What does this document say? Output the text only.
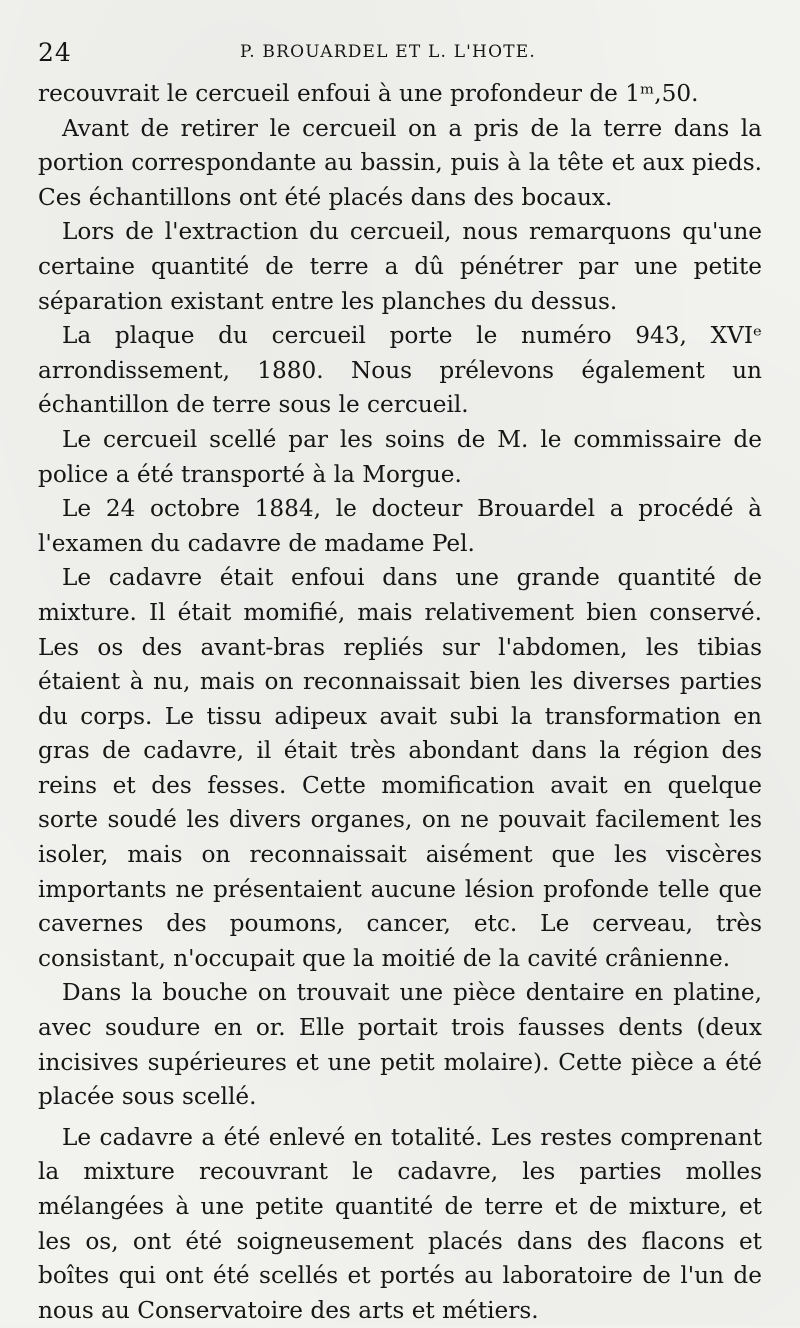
24	P. BROUARDEL ET L. L'HOTE.

recouvrait le cercueil enfoui à une profondeur de 1ᵐ,50.

Avant de retirer le cercueil on a pris de la terre dans la portion correspondante au bassin, puis à la tête et aux pieds. Ces échantillons ont été placés dans des bocaux.

Lors de l'extraction du cercueil, nous remarquons qu'une certaine quantité de terre a dû pénétrer par une petite séparation existant entre les planches du dessus.

La plaque du cercueil porte le numéro 943, XVIᵉ arrondissement, 1880. Nous prélevons également un échantillon de terre sous le cercueil.

Le cercueil scellé par les soins de M. le commissaire de police a été transporté à la Morgue.

Le 24 octobre 1884, le docteur Brouardel a procédé à l'examen du cadavre de madame Pel.

Le cadavre était enfoui dans une grande quantité de mixture. Il était momifié, mais relativement bien conservé. Les os des avant-bras repliés sur l'abdomen, les tibias étaient à nu, mais on reconnaissait bien les diverses parties du corps. Le tissu adipeux avait subi la transformation en gras de cadavre, il était très abondant dans la région des reins et des fesses. Cette momification avait en quelque sorte soudé les divers organes, on ne pouvait facilement les isoler, mais on reconnaissait aisément que les viscères importants ne présentaient aucune lésion profonde telle que cavernes des poumons, cancer, etc. Le cerveau, très consistant, n'occupait que la moitié de la cavité crânienne.

Dans la bouche on trouvait une pièce dentaire en platine, avec soudure en or. Elle portait trois fausses dents (deux incisives supérieures et une petit molaire). Cette pièce a été placée sous scellé.

Le cadavre a été enlevé en totalité. Les restes comprenant la mixture recouvrant le cadavre, les parties molles mélangées à une petite quantité de terre et de mixture, et les os, ont été soigneusement placés dans des flacons et boîtes qui ont été scellés et portés au laboratoire de l'un de nous au Conservatoire des arts et métiers.
